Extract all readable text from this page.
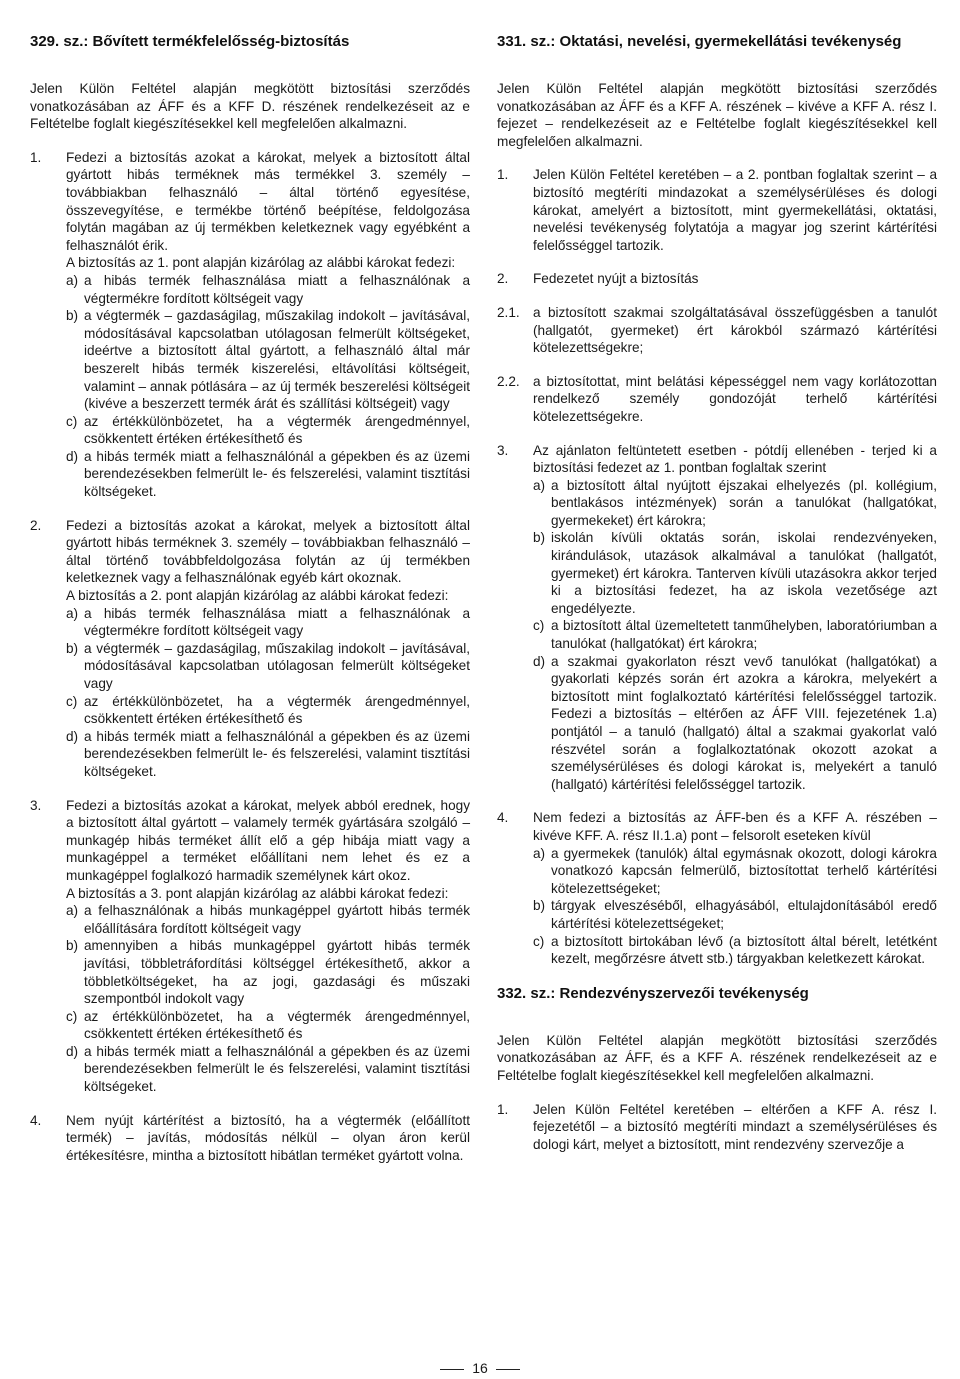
329. sz.: Bővített termékfelelősség-biztosítás

Jelen Külön Feltétel alapján megkötött biztosítási szerződés vonatkozásában az ÁFF és a KFF D. részének rendelkezéseit az e Feltételbe foglalt kiegészítésekkel kell megfelelően alkalmazni.

1.	Fedezi a biztosítás azokat a károkat, melyek a biztosított által gyártott hibás terméknek más termékkel 3. személy – továbbiakban felhasználó – által történő egyesítése, összevegyítése, e termékbe történő beépítése, feldolgozása folytán magában az új termékben keletkeznek vagy egyébként a felhasználót érik.
A biztosítás az 1. pont alapján kizárólag az alábbi károkat fedezi:
a) a hibás termék felhasználása miatt a felhasználónak a végtermékre fordított költségeit vagy
b) a végtermék – gazdaságilag, műszakilag indokolt – javításával, módosításával kapcsolatban utólagosan felmerült költségeket, ideértve a biztosított által gyártott, a felhasználó által már beszerelt hibás termék kiszerelési, eltávolítási költségeit, valamint – annak pótlására – az új termék beszerelési költségeit (kivéve a beszerzett termék árát és szállítási költségeit) vagy
c) az értékkülönbözetet, ha a végtermék árengedménnyel, csökkentett értéken értékesíthető és
d) a hibás termék miatt a felhasználónál a gépekben és az üzemi berendezésekben felmerült le- és felszerelési, valamint tisztítási költségeket.
2.	Fedezi a biztosítás azokat a károkat, melyek a biztosított által gyártott hibás terméknek 3. személy – továbbiakban felhasználó – által történő továbbfeldolgozása folytán az új termékben keletkeznek vagy a felhasználónak egyéb kárt okoznak.
A biztosítás a 2. pont alapján kizárólag az alábbi károkat fedezi:
a) a hibás termék felhasználása miatt a felhasználónak a végtermékre fordított költségeit vagy
b) a végtermék – gazdaságilag, műszakilag indokolt – javításával, módosításával kapcsolatban utólagosan felmerült költségeket vagy
c) az értékkülönbözetet, ha a végtermék árengedménnyel, csökkentett értéken értékesíthető és
d) a hibás termék miatt a felhasználónál a gépekben és az üzemi berendezésekben felmerült le- és felszerelési, valamint tisztítási költségeket.
3.	Fedezi a biztosítás azokat a károkat, melyek abból erednek, hogy a biztosított által gyártott – valamely termék gyártására szolgáló – munkagép hibás terméket állít elő a gép hibája miatt vagy a munkagéppel a terméket előállítani nem lehet és ez a munkagéppel foglalkozó harmadik személynek kárt okoz.
A biztosítás a 3. pont alapján kizárólag az alábbi károkat fedezi:
a) a felhasználónak a hibás munkagéppel gyártott hibás termék előállítására fordított költségeit vagy
b) amennyiben a hibás munkagéppel gyártott hibás termék javítási, többletráfordítási költséggel értékesíthető, akkor a többletköltségeket, ha az jogi, gazdasági és műszaki szempontból indokolt vagy
c) az értékkülönbözetet, ha a végtermék árengedménnyel, csökkentett értéken értékesíthető és
d) a hibás termék miatt a felhasználónál a gépekben és az üzemi berendezésekben felmerült le és felszerelési, valamint tisztítási költségeket.
4.	Nem nyújt kártérítést a biztosító, ha a végtermék (előállított termék) – javítás, módosítás nélkül – olyan áron kerül értékesítésre, mintha a biztosított hibátlan terméket gyártott volna.
331. sz.: Oktatási, nevelési, gyermekellátási tevékenység

Jelen Külön Feltétel alapján megkötött biztosítási szerződés vonatkozásában az ÁFF és a KFF A. részének – kivéve a KFF A. rész I. fejezet – rendelkezéseit az e Feltételbe foglalt kiegészítésekkel kell megfelelően alkalmazni.

1.	Jelen Külön Feltétel keretében – a 2. pontban foglaltak szerint – a biztosító megtéríti mindazokat a személysérüléses és dologi károkat, amelyért a biztosított, mint gyermekellátási, oktatási, nevelési tevékenység folytatója a magyar jog szerint kártérítési felelősséggel tartozik.
2.	Fedezetet nyújt a biztosítás
2.1. a biztosított szakmai szolgáltatásával összefüggésben a tanulót (hallgatót, gyermeket) ért károkból származó kártérítési kötelezettségekre;
2.2. a biztosítottat, mint belátási képességgel nem vagy korlátozottan rendelkező személy gondozóját terhelő kártérítési kötelezettségekre.
3.	Az ajánlaton feltüntetett esetben - pótdíj ellenében - terjed ki a biztosítási fedezet az 1. pontban foglaltak szerint
a) a biztosított által nyújtott éjszakai elhelyezés (pl. kollégium, bentlakásos intézmények) során a tanulókat (hallgatókat, gyermekeket) ért károkra;
b) iskolán kívüli oktatás során, iskolai rendezvényeken, kirándulások, utazások alkalmával a tanulókat (hallgatót, gyermeket) ért károkra. Tanterven kívüli utazásokra akkor terjed ki a biztosítási fedezet, ha az iskola vezetősége azt engedélyezte.
c) a biztosított által üzemeltetett tanműhelyben, laboratóriumban a tanulókat (hallgatókat) ért károkra;
d) a szakmai gyakorlaton részt vevő tanulókat (hallgatókat) a gyakorlati képzés során ért azokra a károkra, melyekért a biztosított mint foglalkoztató kártérítési felelősséggel tartozik. Fedezi a biztosítás – eltérően az ÁFF VIII. fejezetének 1.a) pontjától – a tanuló (hallgató) által a szakmai gyakorlat való részvétel során a foglalkoztatónak okozott azokat a személysérüléses és dologi károkat is, melyekért a tanuló (hallgató) kártérítési felelősséggel tartozik.
4.	Nem fedezi a biztosítás az ÁFF-ben és a KFF A. részében – kivéve KFF. A. rész II.1.a) pont – felsorolt eseteken kívül
a) a gyermekek (tanulók) által egymásnak okozott, dologi károkra vonatkozó kapcsán felmerülő, biztosítottat terhelő kártérítési kötelezettségeket;
b) tárgyak elveszéséből, elhagyásából, eltulajdonításából eredő kártérítési kötelezettségeket;
c) a biztosított birtokában lévő (a biztosított által bérelt, letétként kezelt, megőrzésre átvett stb.) tárgyakban keletkezett károkat.
332. sz.: Rendezvényszervezői tevékenység

Jelen Külön Feltétel alapján megkötött biztosítási szerződés vonatkozásában az ÁFF, és a KFF A. részének rendelkezéseit az e Feltételbe foglalt kiegészítésekkel kell megfelelően alkalmazni.

1.	Jelen Külön Feltétel keretében – eltérően a KFF A. rész I. fejezetétől – a biztosító megtéríti mindazt a személysérüléses és dologi kárt, melyet a biztosított, mint rendezvény szervezője a
16
